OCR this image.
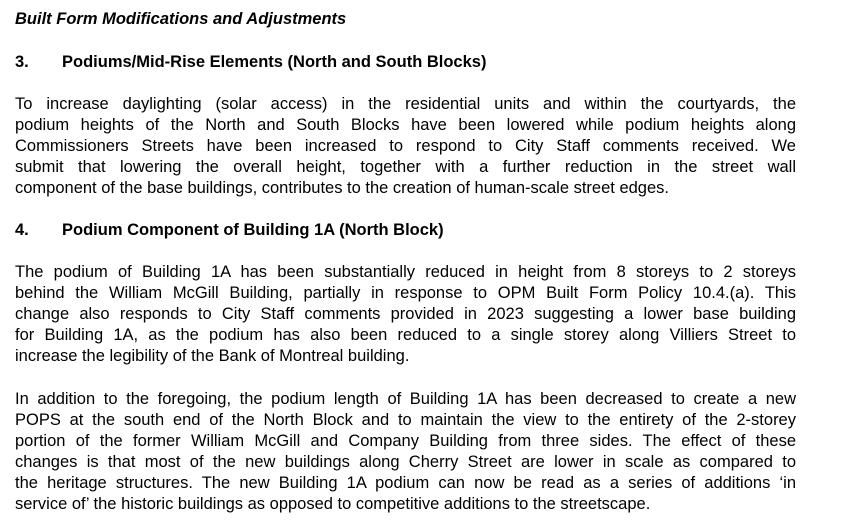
Built Form Modifications and Adjustments
3. Podiums/Mid-Rise Elements (North and South Blocks)
To increase daylighting (solar access) in the residential units and within the courtyards, the
podium heights of the North and South Blocks have been lowered while podium heights along
Commissioners Streets have been increased to respond to City Staff comments received. We
submit that lowering the overall height, together with a further reduction in the street wall
component of the base buildings, contributes to the creation of human-scale street edges.
4. Podium Component of Building 1A (North Block)
The podium of Building 1A has been substantially reduced in height from 8 storeys to 2 storeys
behind the William McGill Building, partially in response to OPM Built Form Policy 10.4.(a). This
change also responds to City Staff comments provided in 2023 suggesting a lower base building
for Building 1A, as the podium has also been reduced to a single storey along Villiers Street to
increase the legibility of the Bank of Montreal building.
In addition to the foregoing, the podium length of Building 1A has been decreased to create a new
POPS at the south end of the North Block and to maintain the view to the entirety of the 2-storey
portion of the former William McGill and Company Building from three sides. The effect of these
changes is that most of the new buildings along Cherry Street are lower in scale as compared to
the heritage structures. The new Building 1A podium can now be read as a series of additions ‘in
service of’ the historic buildings as opposed to competitive additions to the streetscape.
